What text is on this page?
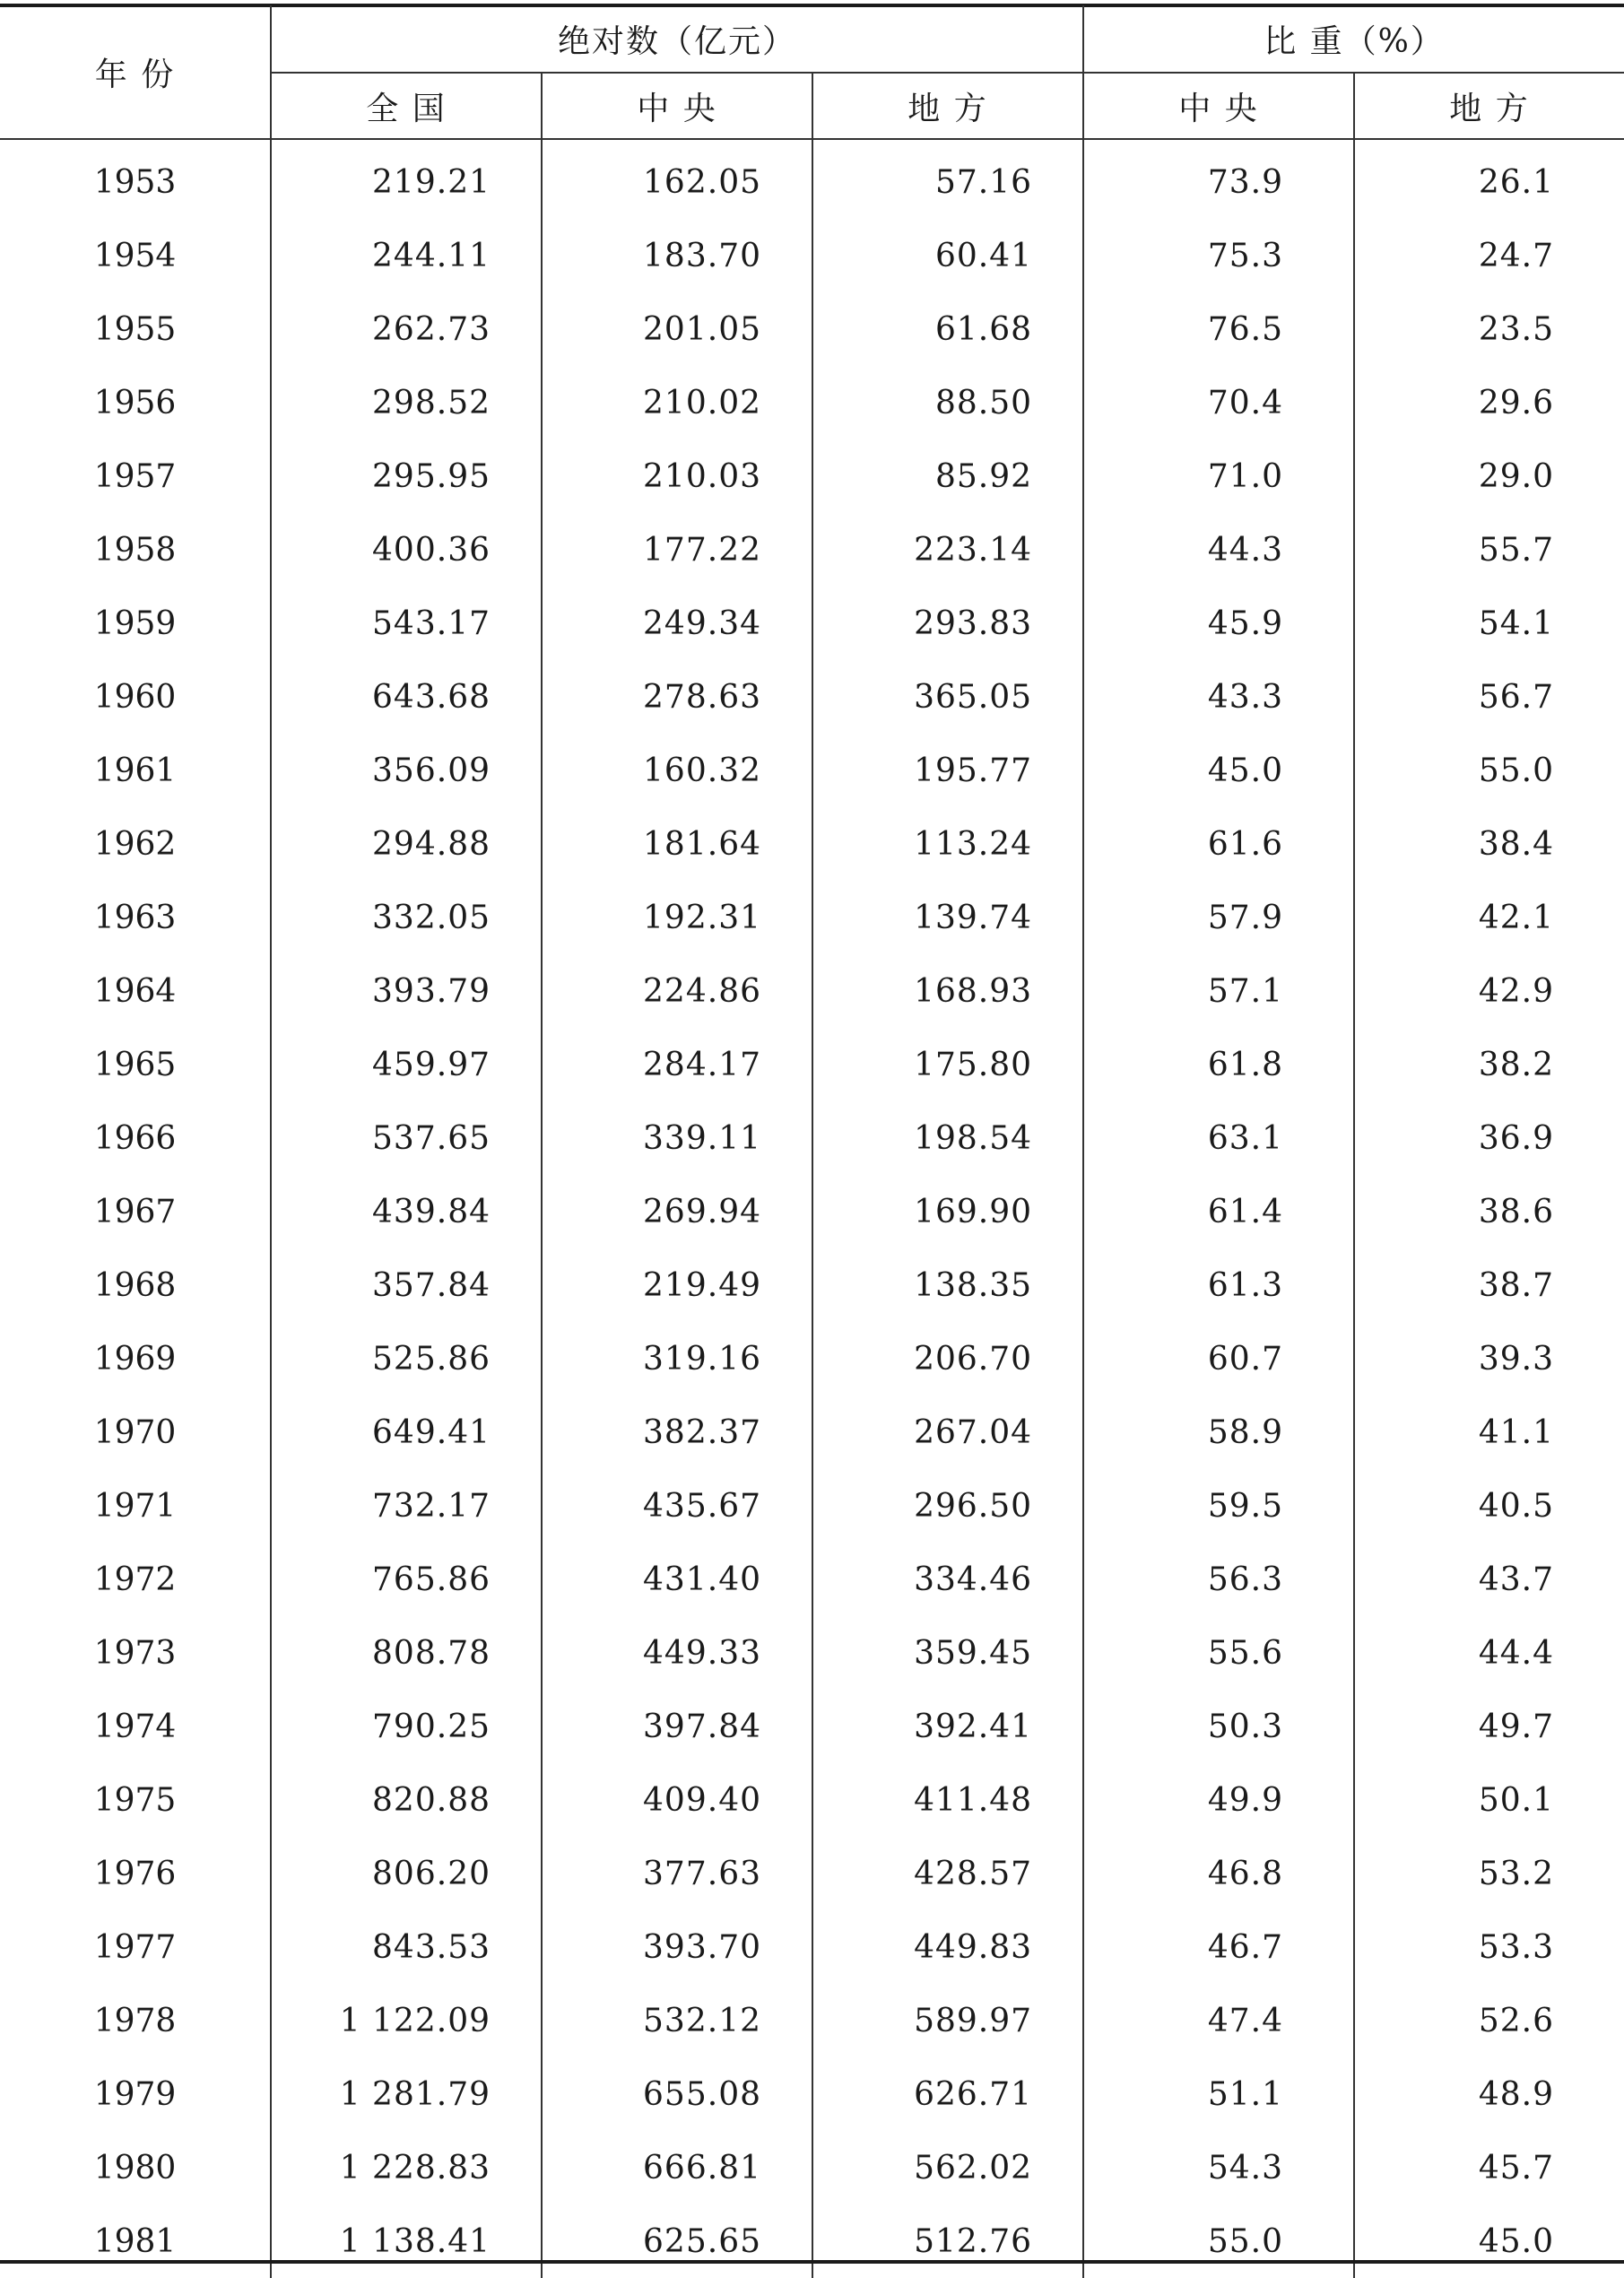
年 份	绝对数（亿元）			比 重（%）	
	全 国	中 央	地 方	中 央	地 方
1953	219.21	162.05	57.16	73.9	26.1
1954	244.11	183.70	60.41	75.3	24.7
1955	262.73	201.05	61.68	76.5	23.5
1956	298.52	210.02	88.50	70.4	29.6
1957	295.95	210.03	85.92	71.0	29.0
1958	400.36	177.22	223.14	44.3	55.7
1959	543.17	249.34	293.83	45.9	54.1
1960	643.68	278.63	365.05	43.3	56.7
1961	356.09	160.32	195.77	45.0	55.0
1962	294.88	181.64	113.24	61.6	38.4
1963	332.05	192.31	139.74	57.9	42.1
1964	393.79	224.86	168.93	57.1	42.9
1965	459.97	284.17	175.80	61.8	38.2
1966	537.65	339.11	198.54	63.1	36.9
1967	439.84	269.94	169.90	61.4	38.6
1968	357.84	219.49	138.35	61.3	38.7
1969	525.86	319.16	206.70	60.7	39.3
1970	649.41	382.37	267.04	58.9	41.1
1971	732.17	435.67	296.50	59.5	40.5
1972	765.86	431.40	334.46	56.3	43.7
1973	808.78	449.33	359.45	55.6	44.4
1974	790.25	397.84	392.41	50.3	49.7
1975	820.88	409.40	411.48	49.9	50.1
1976	806.20	377.63	428.57	46.8	53.2
1977	843.53	393.70	449.83	46.7	53.3
1978	1 122.09	532.12	589.97	47.4	52.6
1979	1 281.79	655.08	626.71	51.1	48.9
1980	1 228.83	666.81	562.02	54.3	45.7
1981	1 138.41	625.65	512.76	55.0	45.0
